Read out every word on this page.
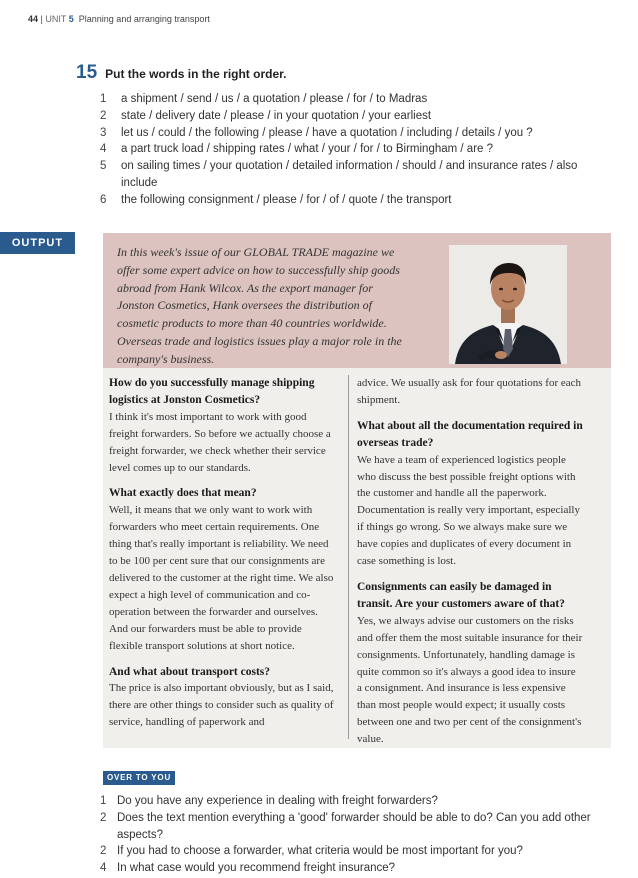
44 | UNIT 5 Planning and arranging transport
15 Put the words in the right order.
1	a shipment / send / us / a quotation / please / for / to Madras
2	state / delivery date / please / in your quotation / your earliest
3	let us / could / the following / please / have a quotation / including / details / you ?
4	a part truck load / shipping rates / what / your / for / to Birmingham / are ?
5	on sailing times / your quotation / detailed information / should / and insurance rates / also include
6	the following consignment / please / for / of / quote / the transport
OUTPUT

In this week's issue of our GLOBAL TRADE magazine we offer some expert advice on how to successfully ship goods abroad from Hank Wilcox. As the export manager for Jonston Cosmetics, Hank oversees the distribution of cosmetic products to more than 40 countries worldwide. Overseas trade and logistics issues play a major role in the company's business.

How do you successfully manage shipping logistics at Jonston Cosmetics?
I think it's most important to work with good freight forwarders. So before we actually choose a freight forwarder, we check whether their service level comes up to our standards.
What exactly does that mean?
Well, it means that we only want to work with forwarders who meet certain requirements. One thing that's really important is reliability. We need to be 100 per cent sure that our consignments are delivered to the customer at the right time. We also expect a high level of communication and co-operation between the forwarder and ourselves. And our forwarders must be able to provide flexible transport solutions at short notice.
And what about transport costs?
The price is also important obviously, but as I said, there are other things to consider such as quality of service, handling of paperwork and
advice. We usually ask for four quotations for each shipment.
What about all the documentation required in overseas trade?
We have a team of experienced logistics people who discuss the best possible freight options with the customer and handle all the paperwork. Documentation is really very important, especially if things go wrong. So we always make sure we have copies and duplicates of every document in case something is lost.
Consignments can easily be damaged in transit. Are your customers aware of that?
Yes, we always advise our customers on the risks and offer them the most suitable insurance for their consignments. Unfortunately, handling damage is quite common so it's always a good idea to insure a consignment. And insurance is less expensive than most people would expect; it usually costs between one and two per cent of the consignment's value.
OVER TO YOU
1 Do you have any experience in dealing with freight forwarders?
2 Does the text mention everything a 'good' forwarder should be able to do? Can you add other aspects?
2 If you had to choose a forwarder, what criteria would be most important for you?
4 In what case would you recommend freight insurance?
